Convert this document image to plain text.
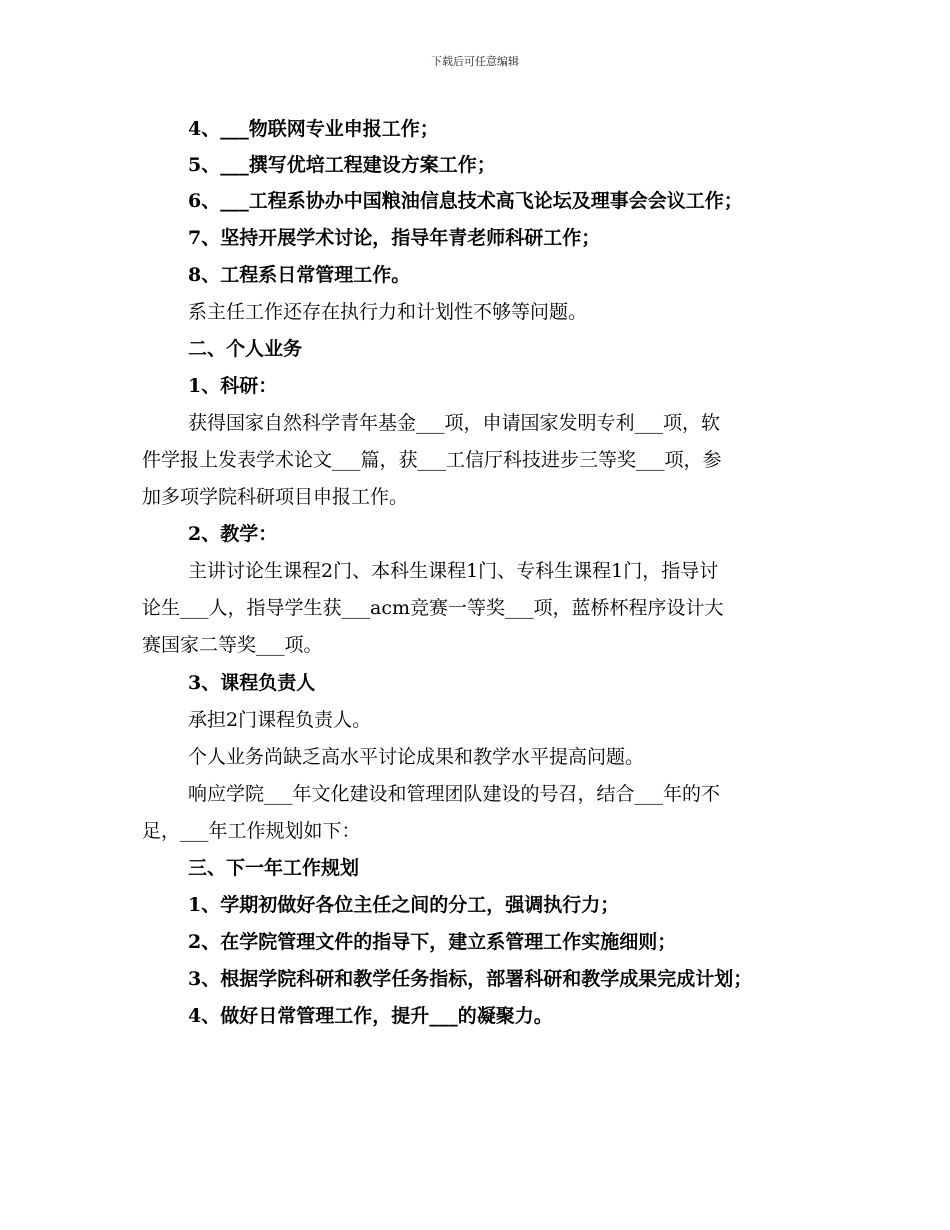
下载后可任意编辑
4、___物联网专业申报工作；
5、___撰写优培工程建设方案工作；
6、___工程系协办中国粮油信息技术高飞论坛及理事会会议工作；
7、坚持开展学术讨论，指导年青老师科研工作；
8、工程系日常管理工作。
系主任工作还存在执行力和计划性不够等问题。
二、个人业务
1、科研：
获得国家自然科学青年基金___项，申请国家发明专利___项，软
件学报上发表学术论文___篇，获___工信厅科技进步三等奖___项，参
加多项学院科研项目申报工作。
2、教学：
主讲讨论生课程2门、本科生课程1门、专科生课程1门，指导讨
论生___人，指导学生获___acm竞赛一等奖___项，蓝桥杯程序设计大
赛国家二等奖___项。
3、课程负责人
承担2门课程负责人。
个人业务尚缺乏高水平讨论成果和教学水平提高问题。
响应学院___年文化建设和管理团队建设的号召，结合___年的不
足，___年工作规划如下：
三、下一年工作规划
1、学期初做好各位主任之间的分工，强调执行力；
2、在学院管理文件的指导下，建立系管理工作实施细则；
3、根据学院科研和教学任务指标，部署科研和教学成果完成计划；
4、做好日常管理工作，提升___的凝聚力。
